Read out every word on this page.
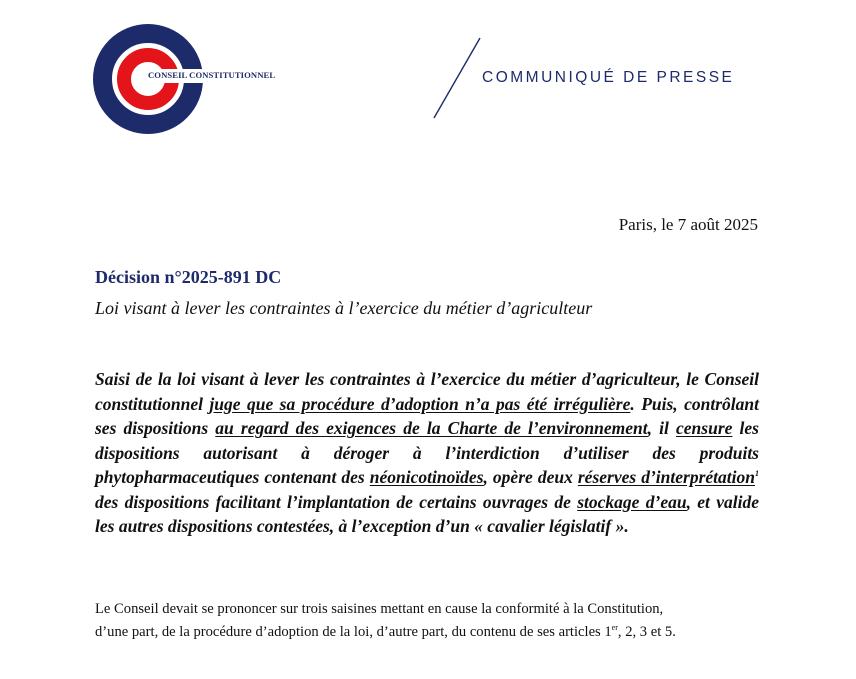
CONSEIL CONSTITUTIONNEL	COMMUNIQUÉ DE PRESSE
Paris, le 7 août 2025
Décision n°2025-891 DC
Loi visant à lever les contraintes à l’exercice du métier d’agriculteur
Saisi de la loi visant à lever les contraintes à l’exercice du métier d’agriculteur, le Conseil constitutionnel juge que sa procédure d’adoption n’a pas été irrégulière. Puis, contrôlant ses dispositions au regard des exigences de la Charte de l’environnement, il censure les dispositions autorisant à déroger à l’interdiction d’utiliser des produits phytopharmaceutiques contenant des néonicotinoïdes, opère deux réserves d’interprétation$^1$ des dispositions facilitant l’implantation de certains ouvrages de stockage d’eau, et valide les autres dispositions contestées, à l’exception d’un « cavalier législatif ».
Le Conseil devait se prononcer sur trois saisines mettant en cause la conformité à la Constitution,
d’une part, de la procédure d’adoption de la loi, d’autre part, du contenu de ses articles 1er, 2, 3 et 5.
